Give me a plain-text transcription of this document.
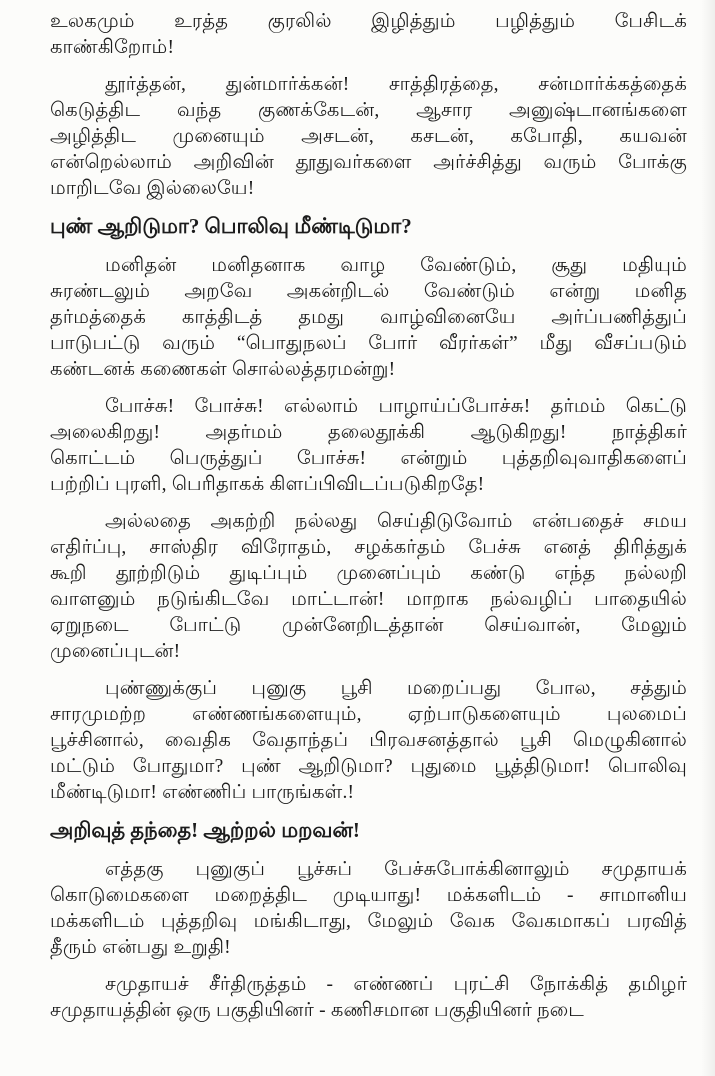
உலகமும் உரத்த குரலில் இழித்தும் பழித்தும் பேசிடக்
காண்கிறோம்!
தூர்த்தன், துன்மார்க்கன்! சாத்திரத்தை, சன்மார்க்கத்தைக்
கெடுத்திட வந்த குணக்கேடன், ஆசார அனுஷ்டானங்களை
அழித்திட முனையும் அசடன், கசடன், கபோதி, கயவன்
என்றெல்லாம் அறிவின் தூதுவர்களை அர்ச்சித்து வரும் போக்கு
மாறிடவே இல்லையே!
புண் ஆறிடுமா? பொலிவு மீண்டிடுமா?
மனிதன் மனிதனாக வாழ வேண்டும், சூது மதியும்
சுரண்டலும் அறவே அகன்றிடல் வேண்டும் என்று மனித
தர்மத்தைக் காத்திடத் தமது வாழ்வினையே அர்ப்பணித்துப்
பாடுபட்டு வரும் “பொதுநலப் போர் வீரர்கள்” மீது வீசப்படும்
கண்டனக் கணைகள் சொல்லத்தரமன்று!
போச்சு! போச்சு! எல்லாம் பாழாய்ப்போச்சு! தர்மம் கெட்டு
அலைகிறது! அதர்மம் தலைதூக்கி ஆடுகிறது! நாத்திகர்
கொட்டம் பெருத்துப் போச்சு! என்றும் புத்தறிவுவாதிகளைப்
பற்றிப் புரளி, பெரிதாகக் கிளப்பிவிடப்படுகிறதே!
அல்லதை அகற்றி நல்லது செய்திடுவோம் என்பதைச் சமய
எதிர்ப்பு, சாஸ்திர விரோதம், சழக்கர்தம் பேச்சு எனத் திரித்துக்
கூறி தூற்றிடும் துடிப்பும் முனைப்பும் கண்டு எந்த நல்லறி
வாளனும் நடுங்கிடவே மாட்டான்! மாறாக நல்வழிப் பாதையில்
ஏறுநடை போட்டு முன்னேறிடத்தான் செய்வான், மேலும்
முனைப்புடன்!
புண்ணுக்குப் புனுகு பூசி மறைப்பது போல, சத்தும்
சாரமுமற்ற எண்ணங்களையும், ஏற்பாடுகளையும் புலமைப்
பூச்சினால், வைதிக வேதாந்தப் பிரவசனத்தால் பூசி மெழுகினால்
மட்டும் போதுமா? புண் ஆறிடுமா? புதுமை பூத்திடுமா! பொலிவு
மீண்டிடுமா! எண்ணிப் பாருங்கள்.!
அறிவுத் தந்தை! ஆற்றல் மறவன்!
எத்தகு புனுகுப் பூச்சுப் பேச்சுபோக்கினாலும் சமுதாயக்
கொடுமைகளை மறைத்திட முடியாது! மக்களிடம் - சாமானிய
மக்களிடம் புத்தறிவு மங்கிடாது, மேலும் வேக வேகமாகப் பரவித்
தீரும் என்பது உறுதி!
சமுதாயச் சீர்திருத்தம் - எண்ணப் புரட்சி நோக்கித் தமிழர்
சமுதாயத்தின் ஒரு பகுதியினர் - கணிசமான பகுதியினர் நடை
